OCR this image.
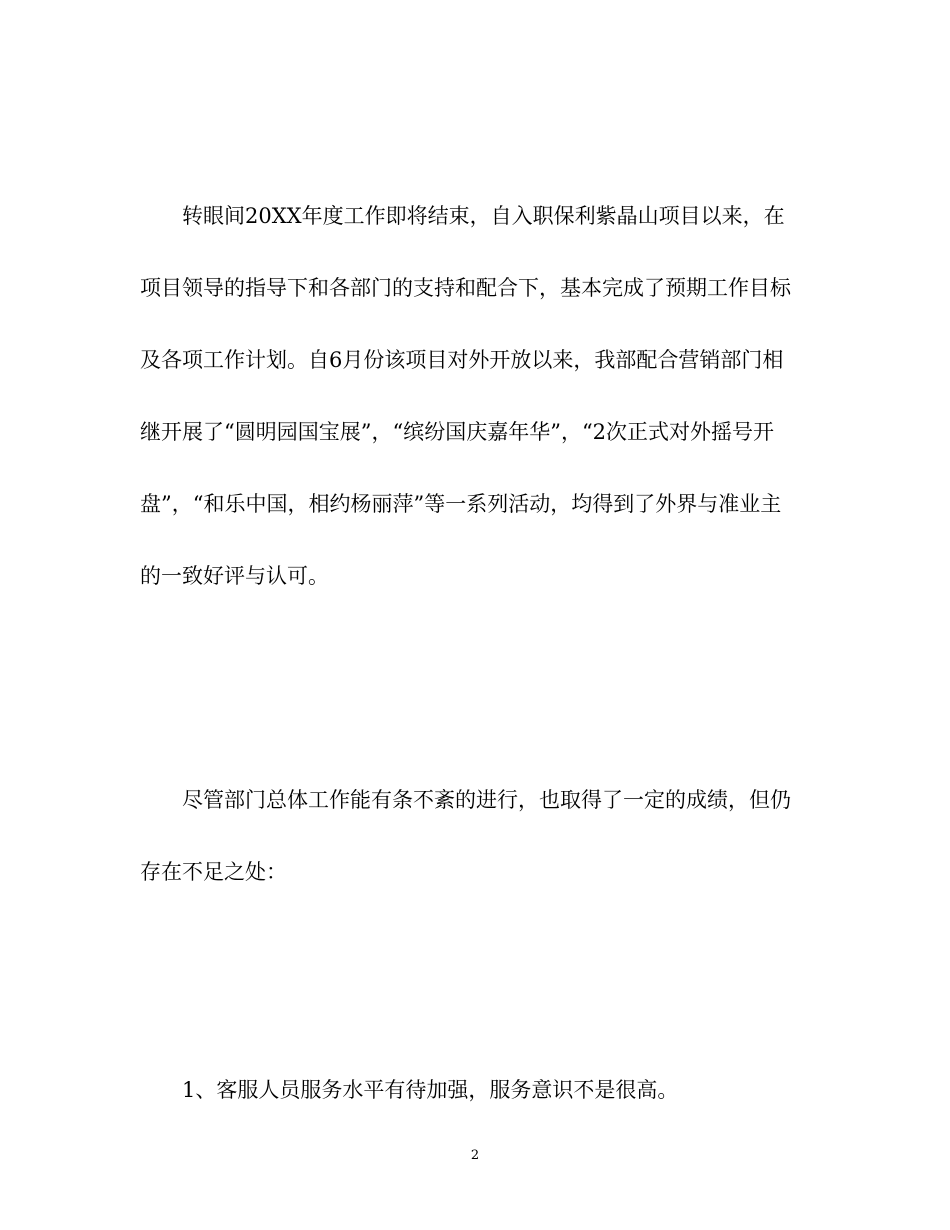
转眼间20XX年度工作即将结束，自入职保利紫晶山项目以来，在
项目领导的指导下和各部门的支持和配合下，基本完成了预期工作目标
及各项工作计划。自6月份该项目对外开放以来，我部配合营销部门相
继开展了“圆明园国宝展”，“缤纷国庆嘉年华”，“2次正式对外摇号开
盘”，“和乐中国，相约杨丽萍”等一系列活动，均得到了外界与准业主
的一致好评与认可。
尽管部门总体工作能有条不紊的进行，也取得了一定的成绩，但仍
存在不足之处：
1、客服人员服务水平有待加强，服务意识不是很高。
2
